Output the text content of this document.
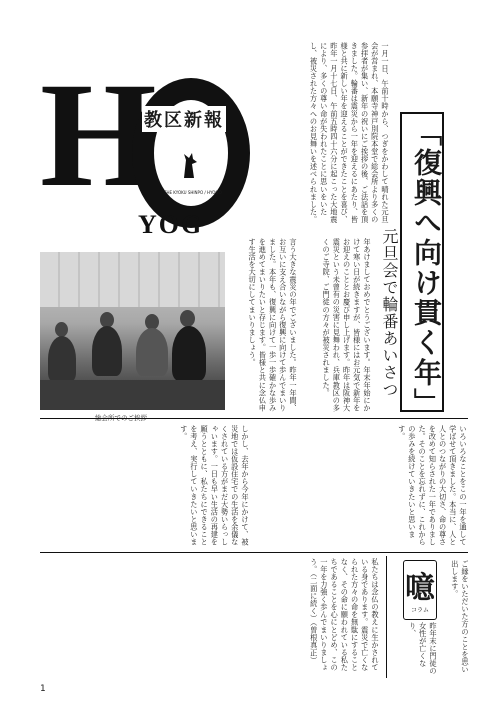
H 教区新報
THE KYOKU SHINPO / HYOGO
YOG
総会所でのご挨拶	「復興へ向け貫く年」
元旦会で輪番あいさつ
一月一日、午前十時から、つぎをかわして晴れた元旦会が営まれ、本願寺神戸別院本堂で総会所より多くの参拝者が集い、新年の祝いにご挨拶の後、ご法話を頂きました。輪番は震災から一年を迎えるにあたり、皆様と共に新しい年を迎えることができたことを喜び、昨年一月十七日、午前五時四十六分に起こった大地震により、多くの尊い命が失われたことに思いをいたし、被災された方々へのお見舞いを述べられました。
年あけましておめでとうございます。年末年始にかけて寒い日が続きますが、皆様にはお元気で新年をお迎えのこととお慶び申し上げます。昨年は阪神大震災という未曾有の災害に見舞われ、兵庫教区の多くのご寺院、ご門徒の方々が被災されました。
言う大きな震災の年でございました。昨年一年間、お互いに支え合いながら復興に向けて歩んでまいりました。本年も、復興に向けて一歩一歩確かな歩みを進めてまいりたいと存じます。皆様と共に念仏申す生活を大切にしてまいりましょう。
しかし、去年から今年にかけて、被災地では仮設住宅での生活を余儀なくされている方がまだ大勢いらっしゃいます。一日も早い生活の再建を願うとともに、私たちにできることを考え、実行していきたいと思います。	いろいろなことをこの一年を通して学ばせて頂きました。本当に、人と人とのつながりの大切さ、命の尊さを改めて知らされた一年でありました。そのことを忘れずに、これからの歩みを続けていきたいと思います。
私たちは念仏の教えに生かされている身であります。震災で亡くなられた方々の命を無駄にすることなく、その命に願われている私たちであることを心にとどめ、この一年を力強く歩んでまいりましょう。（二面に続く）（曽根真正）	噫
コラム
昨年末に門徒の女性が亡くなり、	ご縁をいただいた方のことを思い出します。
1
